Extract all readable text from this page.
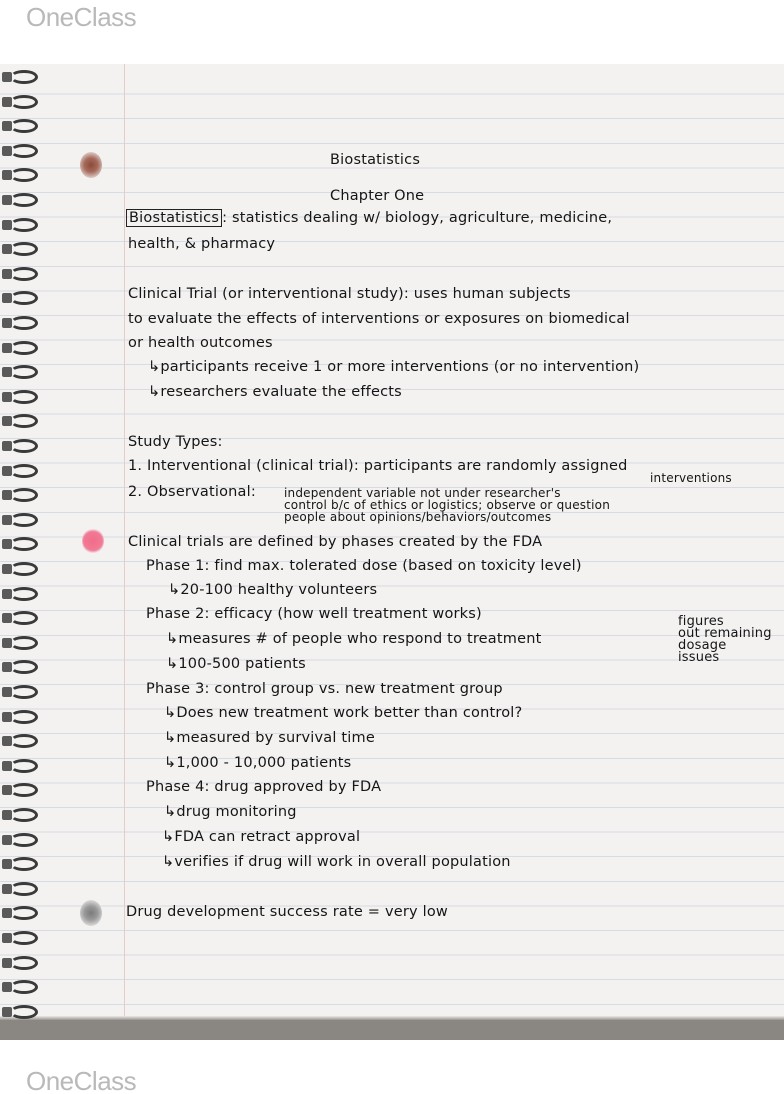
OneClass
Biostatistics
Chapter One
Biostatistics : statistics dealing w/ biology, agriculture, medicine,
health, & pharmacy
Clinical Trial (or interventional study): uses human subjects
to evaluate the effects of interventions or exposures on biomedical
or health outcomes
↳participants receive 1 or more interventions (or no intervention)
↳researchers evaluate the effects
Study Types:
1. Interventional (clinical trial): participants are randomly assigned
interventions
2. Observational: independent variable not under researcher's
control b/c of ethics or logistics; observe or question
people about opinions/behaviors/outcomes
Clinical trials are defined by phases created by the FDA
Phase 1: find max. tolerated dose (based on toxicity level)
↳20-100 healthy volunteers
Phase 2: efficacy (how well treatment works)
↳measures # of people who respond to treatment
figures
out remaining
dosage
issues
↳100-500 patients
Phase 3: control group vs. new treatment group
↳Does new treatment work better than control?
↳measured by survival time
↳1,000 - 10,000 patients
Phase 4: drug approved by FDA
↳drug monitoring
↳FDA can retract approval
↳verifies if drug will work in overall population
Drug development success rate = very low
OneClass
